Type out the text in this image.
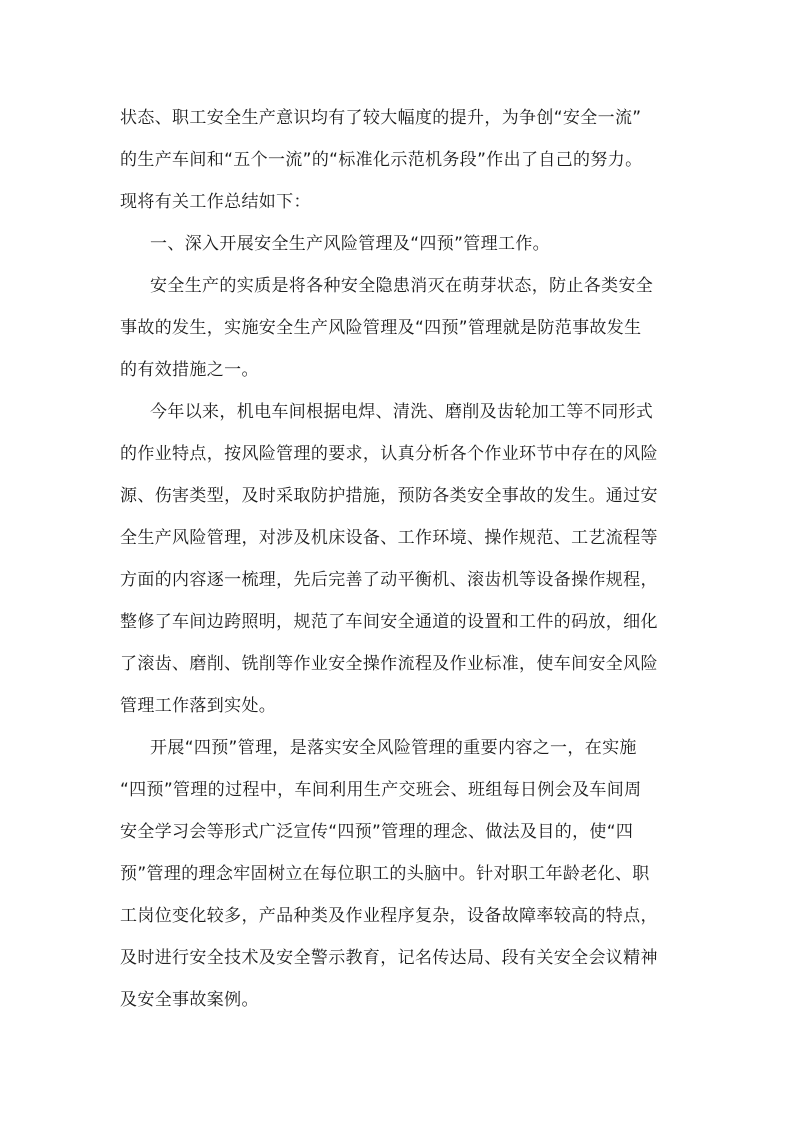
状态、职工安全生产意识均有了较大幅度的提升，为争创“安全一流”
的生产车间和“五个一流”的“标准化示范机务段”作出了自己的努力。
现将有关工作总结如下：
一、深入开展安全生产风险管理及“四预”管理工作。
安全生产的实质是将各种安全隐患消灭在萌芽状态，防止各类安全
事故的发生，实施安全生产风险管理及“四预”管理就是防范事故发生
的有效措施之一。
今年以来，机电车间根据电焊、清洗、磨削及齿轮加工等不同形式
的作业特点，按风险管理的要求，认真分析各个作业环节中存在的风险
源、伤害类型，及时采取防护措施，预防各类安全事故的发生。通过安
全生产风险管理，对涉及机床设备、工作环境、操作规范、工艺流程等
方面的内容逐一梳理，先后完善了动平衡机、滚齿机等设备操作规程，
整修了车间边跨照明，规范了车间安全通道的设置和工件的码放，细化
了滚齿、磨削、铣削等作业安全操作流程及作业标准，使车间安全风险
管理工作落到实处。
开展“四预”管理，是落实安全风险管理的重要内容之一，在实施
“四预”管理的过程中，车间利用生产交班会、班组每日例会及车间周
安全学习会等形式广泛宣传“四预”管理的理念、做法及目的，使“四
预”管理的理念牢固树立在每位职工的头脑中。针对职工年龄老化、职
工岗位变化较多，产品种类及作业程序复杂，设备故障率较高的特点，
及时进行安全技术及安全警示教育，记名传达局、段有关安全会议精神
及安全事故案例。
